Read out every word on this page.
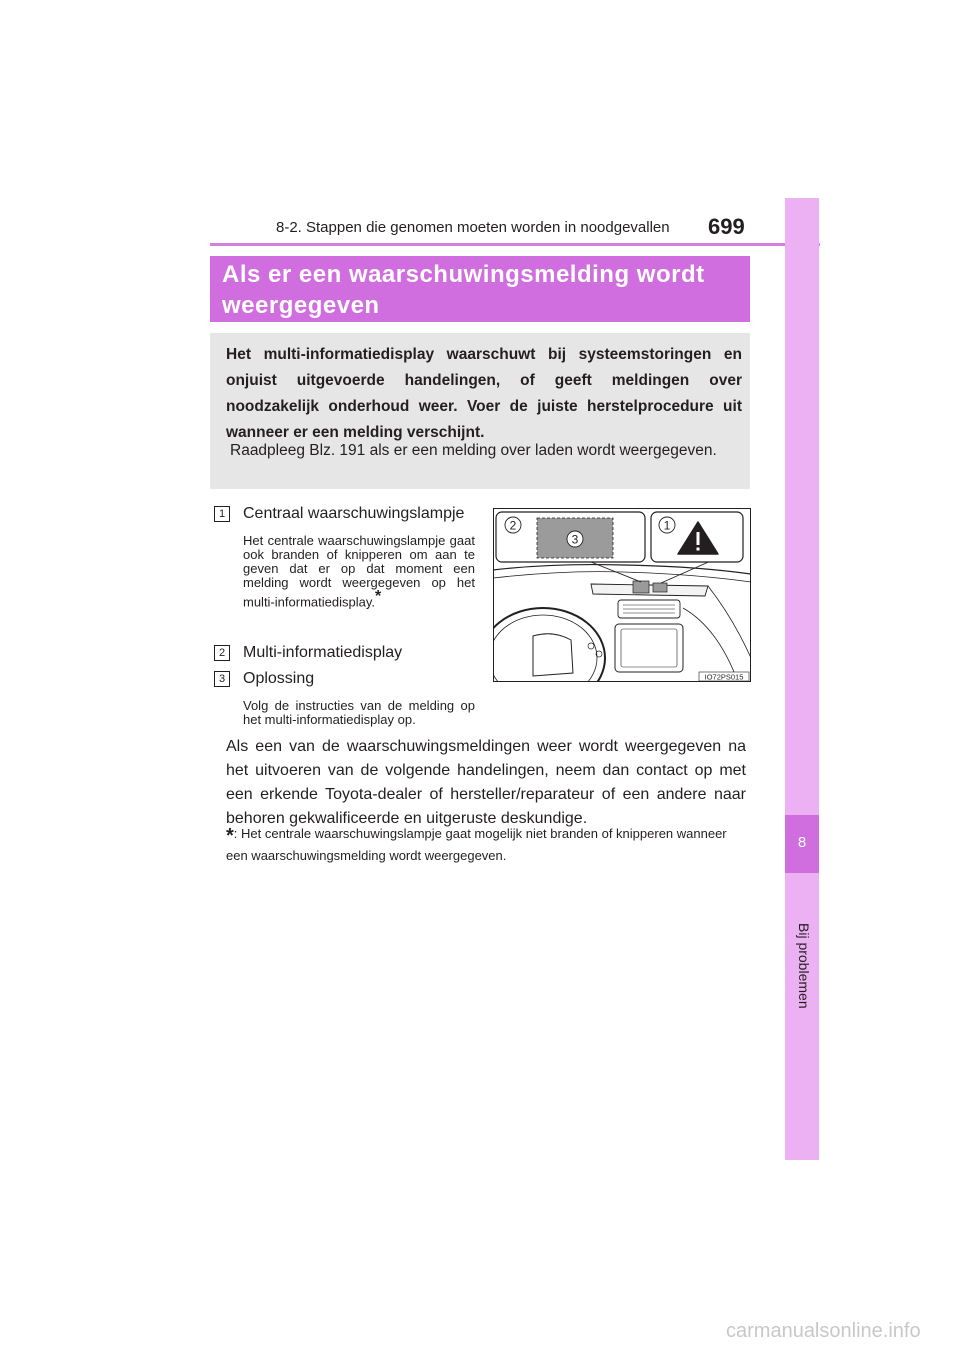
8-2. Stappen die genomen moeten worden in noodgevallen 699
8
Bij problemen
Als er een waarschuwingsmelding wordt
weergegeven
Het multi-informatiedisplay waarschuwt bij systeemstoringen en onjuist uitgevoerde handelingen, of geeft meldingen over noodzakelijk onderhoud weer. Voer de juiste herstelprocedure uit wanneer er een melding verschijnt.
Raadpleeg Blz. 191 als er een melding over laden wordt weergegeven.
1	Centraal waarschuwingslampje
Het centrale waarschuwingslampje gaat ook branden of knipperen om aan te geven dat er op dat moment een melding wordt weergegeven op het multi-informatiedisplay.*
2	Multi-informatiedisplay
3	Oplossing
Volg de instructies van de melding op het multi-informatiedisplay op.
2	1
3
IO72PS015
Als een van de waarschuwingsmeldingen weer wordt weergegeven na het uitvoeren van de volgende handelingen, neem dan contact op met een erkende Toyota-dealer of hersteller/reparateur of een andere naar behoren gekwalificeerde en uitgeruste deskundige.
*: Het centrale waarschuwingslampje gaat mogelijk niet branden of knipperen wanneer een waarschuwingsmelding wordt weergegeven.
carmanualsonline.info
